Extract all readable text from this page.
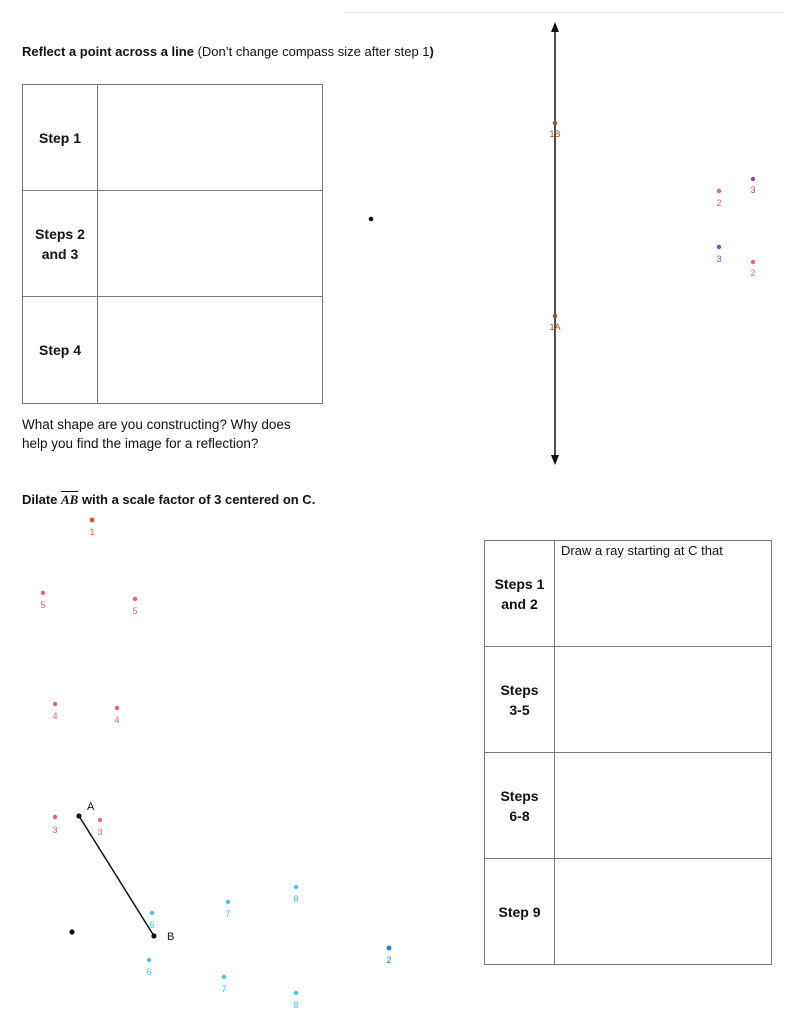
Reflect a point across a line (Don’t change compass size after step 1)
Step 1	
Steps 2 and 3	
Step 4	
What shape are you constructing? Why does
help you find the image for a reflection?
1B
1A
2
3
3
2
Dilate $\overline{AB}$ with a scale factor of 3 centered on C.
Steps 1 and 2	Draw a ray starting at C that
Steps 3-5	
Steps 6-8	
Step 9	
A
B
1
5
5
4	4
3	3
6
6
7
7
8
8
2
